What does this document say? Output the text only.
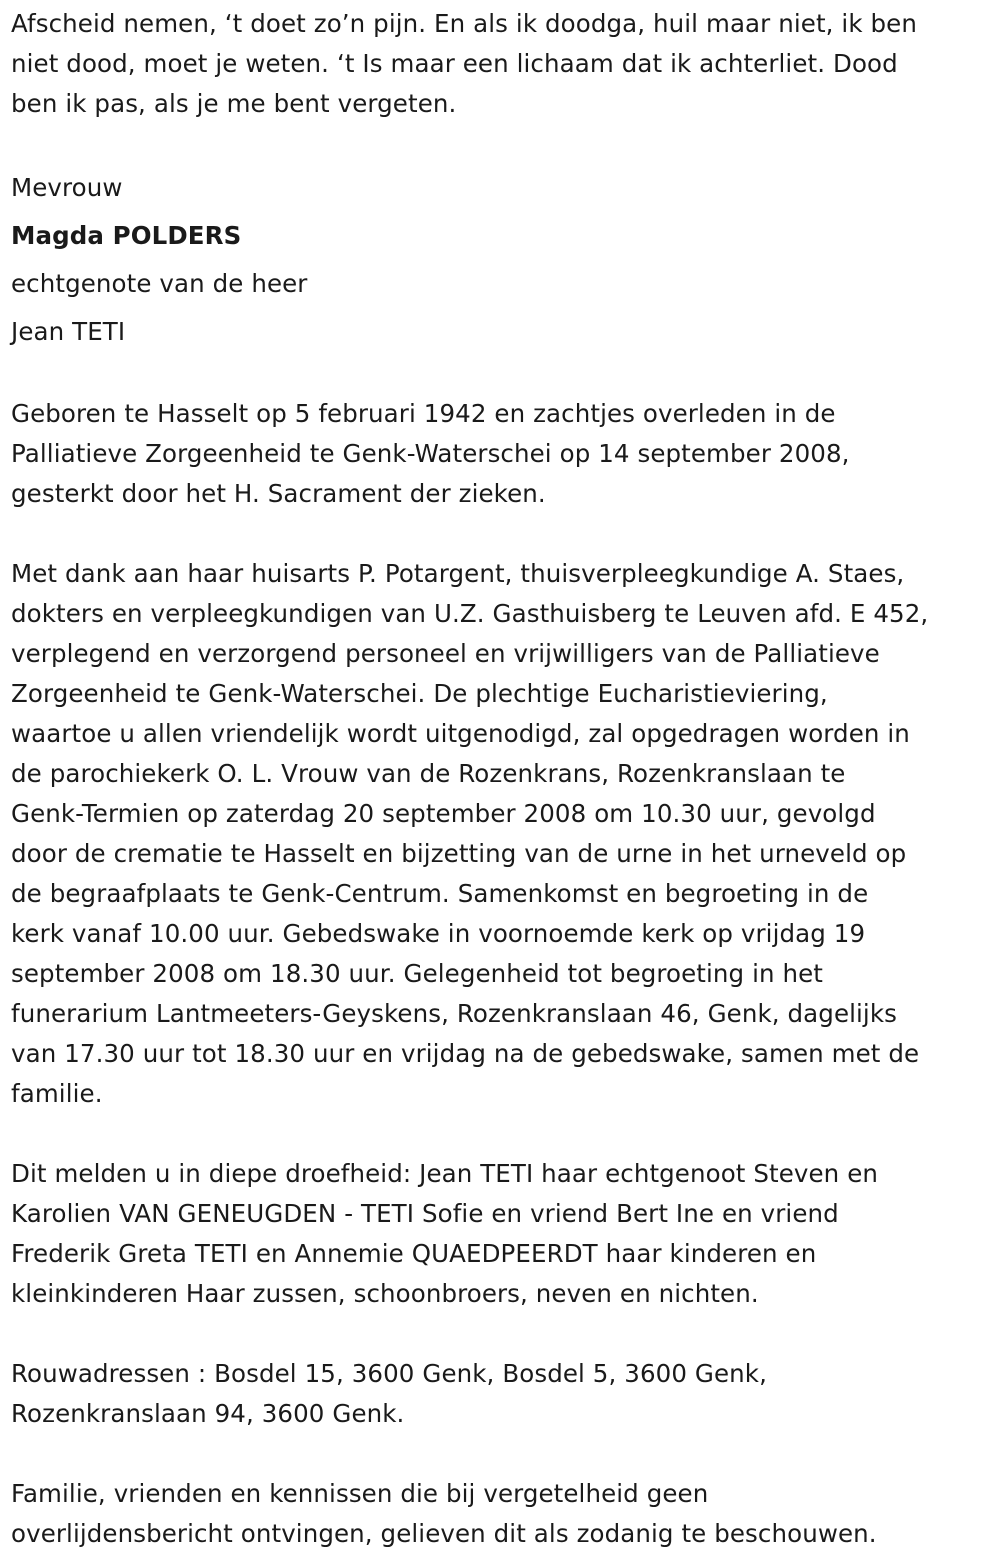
Afscheid nemen, ‘t doet zo’n pijn. En als ik doodga, huil maar niet, ik ben
niet dood, moet je weten. ‘t Is maar een lichaam dat ik achterliet. Dood
ben ik pas, als je me bent vergeten.

Mevrouw
Magda POLDERS
echtgenote van de heer
Jean TETI

Geboren te Hasselt op 5 februari 1942 en zachtjes overleden in de
Palliatieve Zorgeenheid te Genk-Waterschei op 14 september 2008,
gesterkt door het H. Sacrament der zieken.

Met dank aan haar huisarts P. Potargent, thuisverpleegkundige A. Staes,
dokters en verpleegkundigen van U.Z. Gasthuisberg te Leuven afd. E 452,
verplegend en verzorgend personeel en vrijwilligers van de Palliatieve
Zorgeenheid te Genk-Waterschei. De plechtige Eucharistieviering,
waartoe u allen vriendelijk wordt uitgenodigd, zal opgedragen worden in
de parochiekerk O. L. Vrouw van de Rozenkrans, Rozenkranslaan te
Genk-Termien op zaterdag 20 september 2008 om 10.30 uur, gevolgd
door de crematie te Hasselt en bijzetting van de urne in het urneveld op
de begraafplaats te Genk-Centrum. Samenkomst en begroeting in de
kerk vanaf 10.00 uur. Gebedswake in voornoemde kerk op vrijdag 19
september 2008 om 18.30 uur. Gelegenheid tot begroeting in het
funerarium Lantmeeters-Geyskens, Rozenkranslaan 46, Genk, dagelijks
van 17.30 uur tot 18.30 uur en vrijdag na de gebedswake, samen met de
familie.

Dit melden u in diepe droefheid: Jean TETI haar echtgenoot Steven en
Karolien VAN GENEUGDEN - TETI Sofie en vriend Bert Ine en vriend
Frederik Greta TETI en Annemie QUAEDPEERDT haar kinderen en
kleinkinderen Haar zussen, schoonbroers, neven en nichten.

Rouwadressen : Bosdel 15, 3600 Genk, Bosdel 5, 3600 Genk,
Rozenkranslaan 94, 3600 Genk.

Familie, vrienden en kennissen die bij vergetelheid geen
overlijdensbericht ontvingen, gelieven dit als zodanig te beschouwen.
